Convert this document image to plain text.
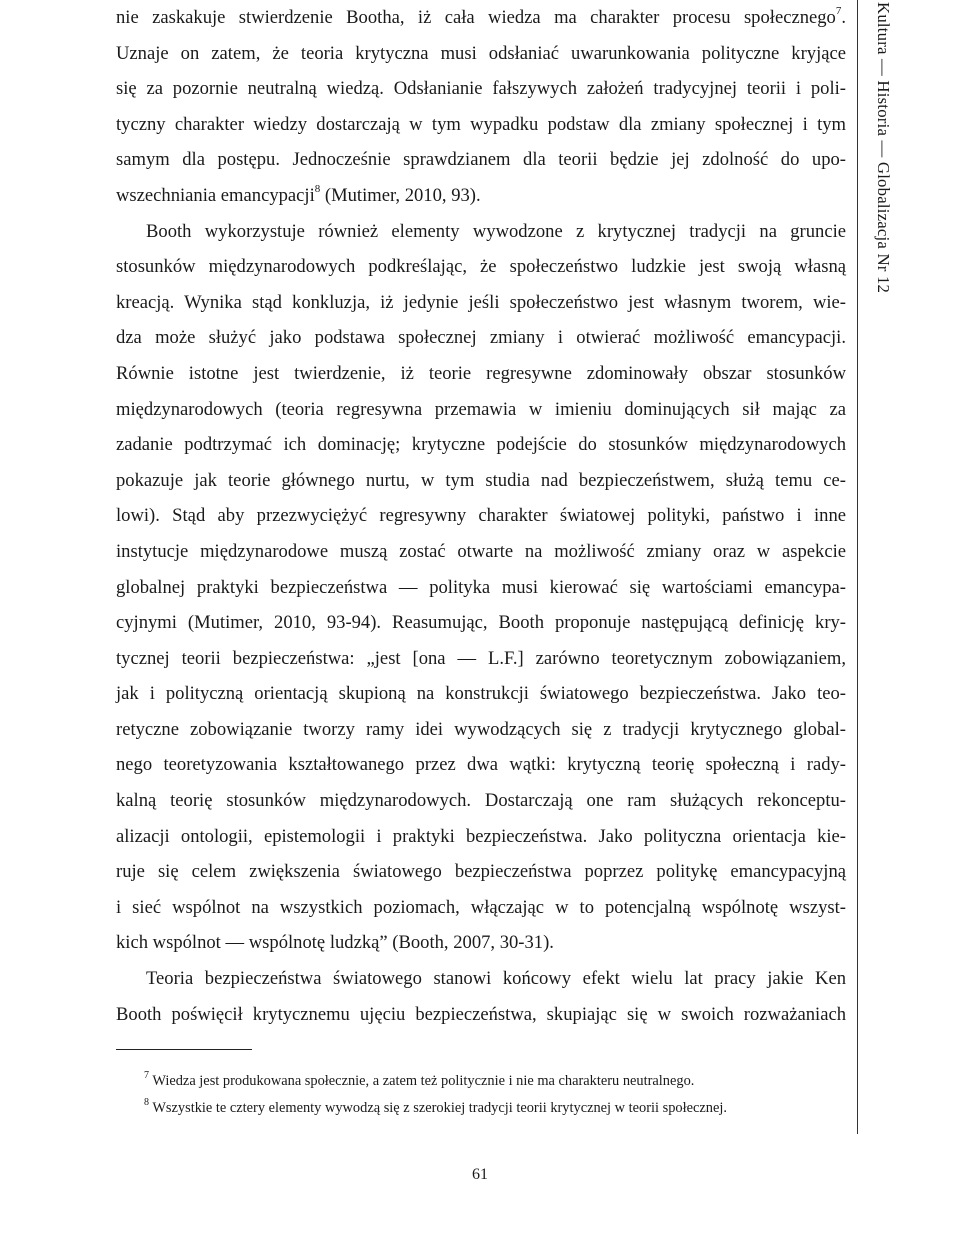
nie zaskakuje stwierdzenie Bootha, iż cała wiedza ma charakter procesu społecznego$^7$.
Uznaje on zatem, że teoria krytyczna musi odsłaniać uwarunkowania polityczne kryjące
się za pozornie neutralną wiedzą. Odsłanianie fałszywych założeń tradycyjnej teorii i poli-
tyczny charakter wiedzy dostarczają w tym wypadku podstaw dla zmiany społecznej i tym
samym dla postępu. Jednocześnie sprawdzianem dla teorii będzie jej zdolność do upo-
wszechniania emancypacji$^8$ (Mutimer, 2010, 93).

Booth wykorzystuje również elementy wywodzone z krytycznej tradycji na gruncie
stosunków międzynarodowych podkreślając, że społeczeństwo ludzkie jest swoją własną
kreacją. Wynika stąd konkluzja, iż jedynie jeśli społeczeństwo jest własnym tworem, wie-
dza może służyć jako podstawa społecznej zmiany i otwierać możliwość emancypacji.
Równie istotne jest twierdzenie, iż teorie regresywne zdominowały obszar stosunków
międzynarodowych (teoria regresywna przemawia w imieniu dominujących sił mając za
zadanie podtrzymać ich dominację; krytyczne podejście do stosunków międzynarodowych
pokazuje jak teorie głównego nurtu, w tym studia nad bezpieczeństwem, służą temu ce-
lowi). Stąd aby przezwyciężyć regresywny charakter światowej polityki, państwo i inne
instytucje międzynarodowe muszą zostać otwarte na możliwość zmiany oraz w aspekcie
globalnej praktyki bezpieczeństwa — polityka musi kierować się wartościami emancypa-
cyjnymi (Mutimer, 2010, 93-94). Reasumując, Booth proponuje następującą definicję kry-
tycznej teorii bezpieczeństwa: „jest [ona — L.F.] zarówno teoretycznym zobowiązaniem,
jak i polityczną orientacją skupioną na konstrukcji światowego bezpieczeństwa. Jako teo-
retyczne zobowiązanie tworzy ramy idei wywodzących się z tradycji krytycznego global-
nego teoretyzowania kształtowanego przez dwa wątki: krytyczną teorię społeczną i rady-
kalną teorię stosunków międzynarodowych. Dostarczają one ram służących rekonceptu-
alizacji ontologii, epistemologii i praktyki bezpieczeństwa. Jako polityczna orientacja kie-
ruje się celem zwiększenia światowego bezpieczeństwa poprzez politykę emancypacyjną
i sieć wspólnot na wszystkich poziomach, włączając w to potencjalną wspólnotę wszyst-
kich wspólnot — wspólnotę ludzką” (Booth, 2007, 30-31).

Teoria bezpieczeństwa światowego stanowi końcowy efekt wielu lat pracy jakie Ken
Booth poświęcił krytycznemu ujęciu bezpieczeństwa, skupiając się w swoich rozważaniach

$^7$ Wiedza jest produkowana społecznie, a zatem też politycznie i nie ma charakteru neutralnego.
$^8$ Wszystkie te cztery elementy wywodzą się z szerokiej tradycji teorii krytycznej w teorii społecznej.
61
Kultura — Historia — Globalizacja Nr 12
